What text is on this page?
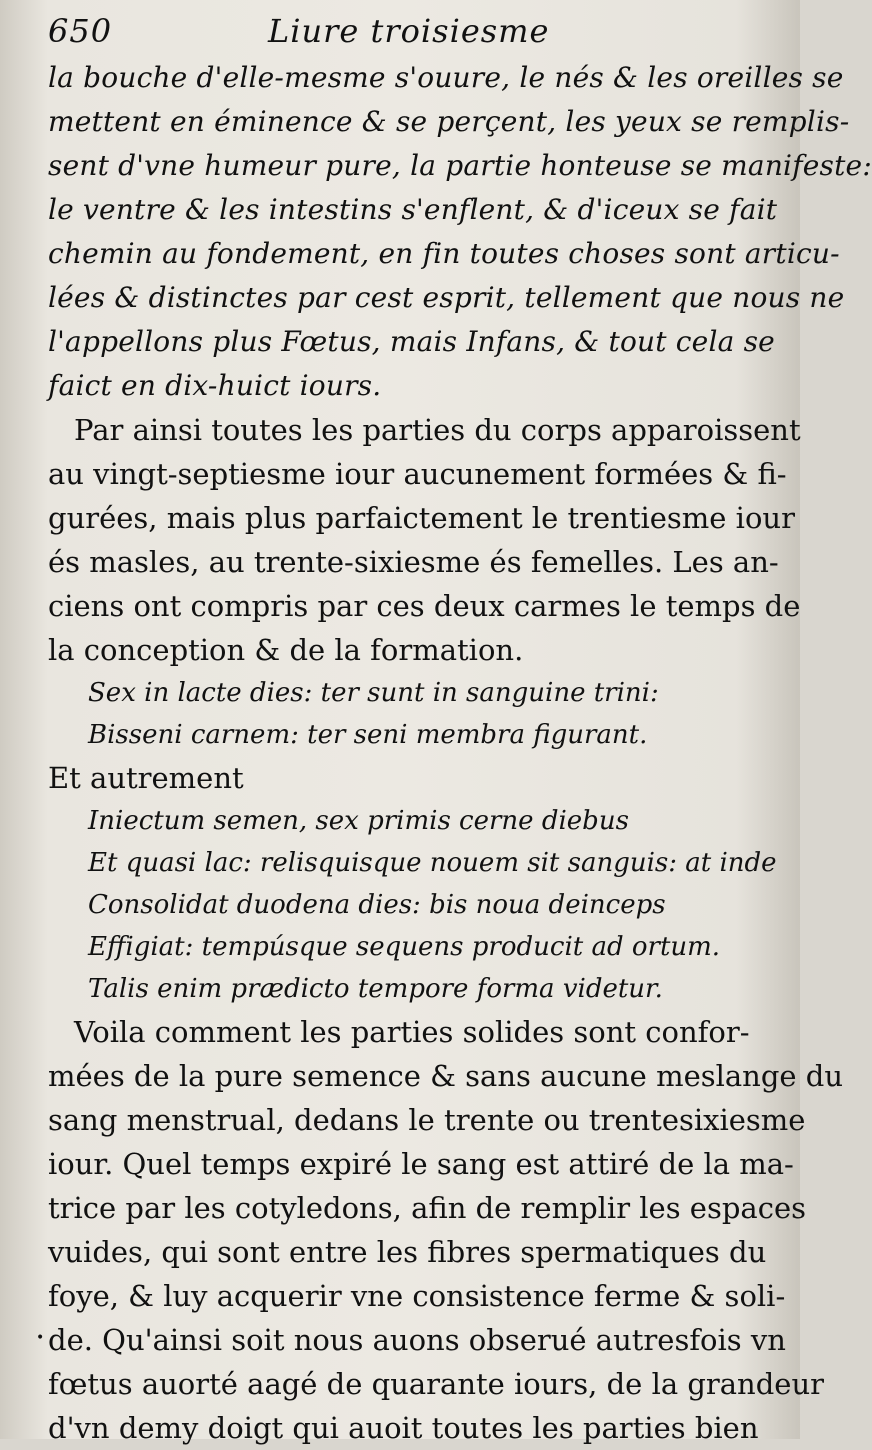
650	Liure troisiesme
la bouche d'elle-mesme s'ouure, le nés & les oreilles se
mettent en éminence & se perçent, les yeux se remplis-
sent d'vne humeur pure, la partie honteuse se manifeste:
le ventre & les intestins s'enflent, & d'iceux se fait
chemin au fondement, en fin toutes choses sont articu-
lées & distinctes par cest esprit, tellement que nous ne
l'appellons plus Fœtus, mais Infans, & tout cela se
faict en dix-huict iours.
Par ainsi toutes les parties du corps apparoissent
au vingt-septiesme iour aucunement formées & fi-
gurées, mais plus parfaictement le trentiesme iour
és masles, au trente-sixiesme és femelles. Les an-
ciens ont compris par ces deux carmes le temps de
la conception & de la formation.
Sex in lacte dies: ter sunt in sanguine trini:
Bisseni carnem: ter seni membra figurant.
Et autrement
Iniectum semen, sex primis cerne diebus
Et quasi lac: relisquisque nouem sit sanguis: at inde
Consolidat duodena dies: bis noua deinceps
Effigiat: tempúsque sequens producit ad ortum.
Talis enim prædicto tempore forma videtur.
Voila comment les parties solides sont confor-
mées de la pure semence & sans aucune meslange du
sang menstrual, dedans le trente ou trentesixiesme
iour. Quel temps expiré le sang est attiré de la ma-
trice par les cotyledons, afin de remplir les espaces
vuides, qui sont entre les fibres spermatiques du
foye, & luy acquerir vne consistence ferme & soli-
de. Qu'ainsi soit nous auons obserué autresfois vn
fœtus auorté aagé de quarante iours, de la grandeur
d'vn demy doigt qui auoit toutes les parties bien
•
